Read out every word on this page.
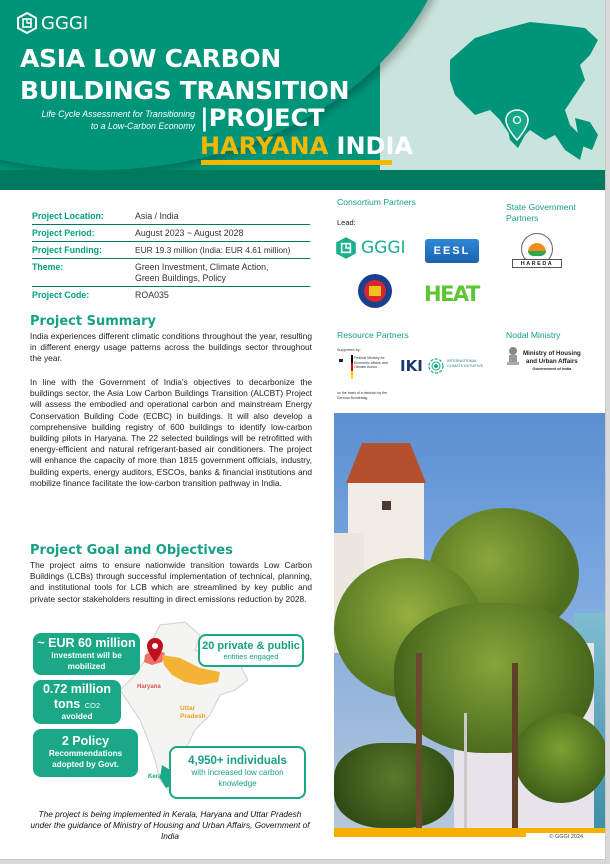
GGGI
ASIA LOW CARBON
BUILDINGS TRANSITION
Life Cycle Assessment for Transitioning
to a Low-Carbon Economy |PROJECT
HARYANA INDIA
Project Location:	Asia / India
Project Period:	August 2023 ~ August 2028
Project Funding:	EUR 19.3 million (India: EUR 4.61 million)
Theme:	Green Investment, Climate Action, Green Buildings, Policy
Project Code:	ROA035
Project Summary
India experiences different climatic conditions throughout the year, resulting in different energy usage patterns across the buildings sector throughout the year.
In line with the Government of India's objectives to decarbonize the buildings sector, the Asia Low Carbon Buildings Transition (ALCBT) Project will assess the embodied and operational carbon and mainstream Energy Conservation Building Code (ECBC) in buildings. It will also develop a comprehensive building registry of 600 buildings to identify low-carbon building pilots in Haryana. The 22 selected buildings will be retrofitted with energy-efficient and natural refrigerant-based air conditioners. The project will enhance the capacity of more than 1815 government officials, industry, building experts, energy auditors, ESCOs, banks & financial institutions and mobilize finance facilitate the low-carbon transition pathway in India.
Project Goal and Objectives
The project aims to ensure nationwide transition towards Low Carbon Buildings (LCBs) through successful implementation of technical, planning, and institutional tools for LCB which are streamlined by key public and private sector stakeholders resulting in direct emissions reduction by 2028.
Haryana
Uttar
Pradesh
Kerala
~ EUR 60 million
investment will be mobilized
0.72 million
tons CO2
avoided
2 Policy
Recommendations adopted by Govt.
20 private & public
entities engaged
4,950+ individuals
with increased low carbon knowledge
The project is being implemented in Kerala, Haryana and Uttar Pradesh under the guidance of Ministry of Housing and Urban Affairs, Government of India
Consortium Partners
Lead:
GGGI	EESL
HEAT
State Government Partners
HAREDA
Resource Partners
Supported by:
Federal Ministry for Economic Affairs and Climate Action
on the basis of a decision by the German Bundestag
IKI	INTERNATIONAL CLIMATE INITIATIVE
Nodal Ministry
Ministry of Housing
and Urban Affairs
Government of India
© GGGI 2024.
